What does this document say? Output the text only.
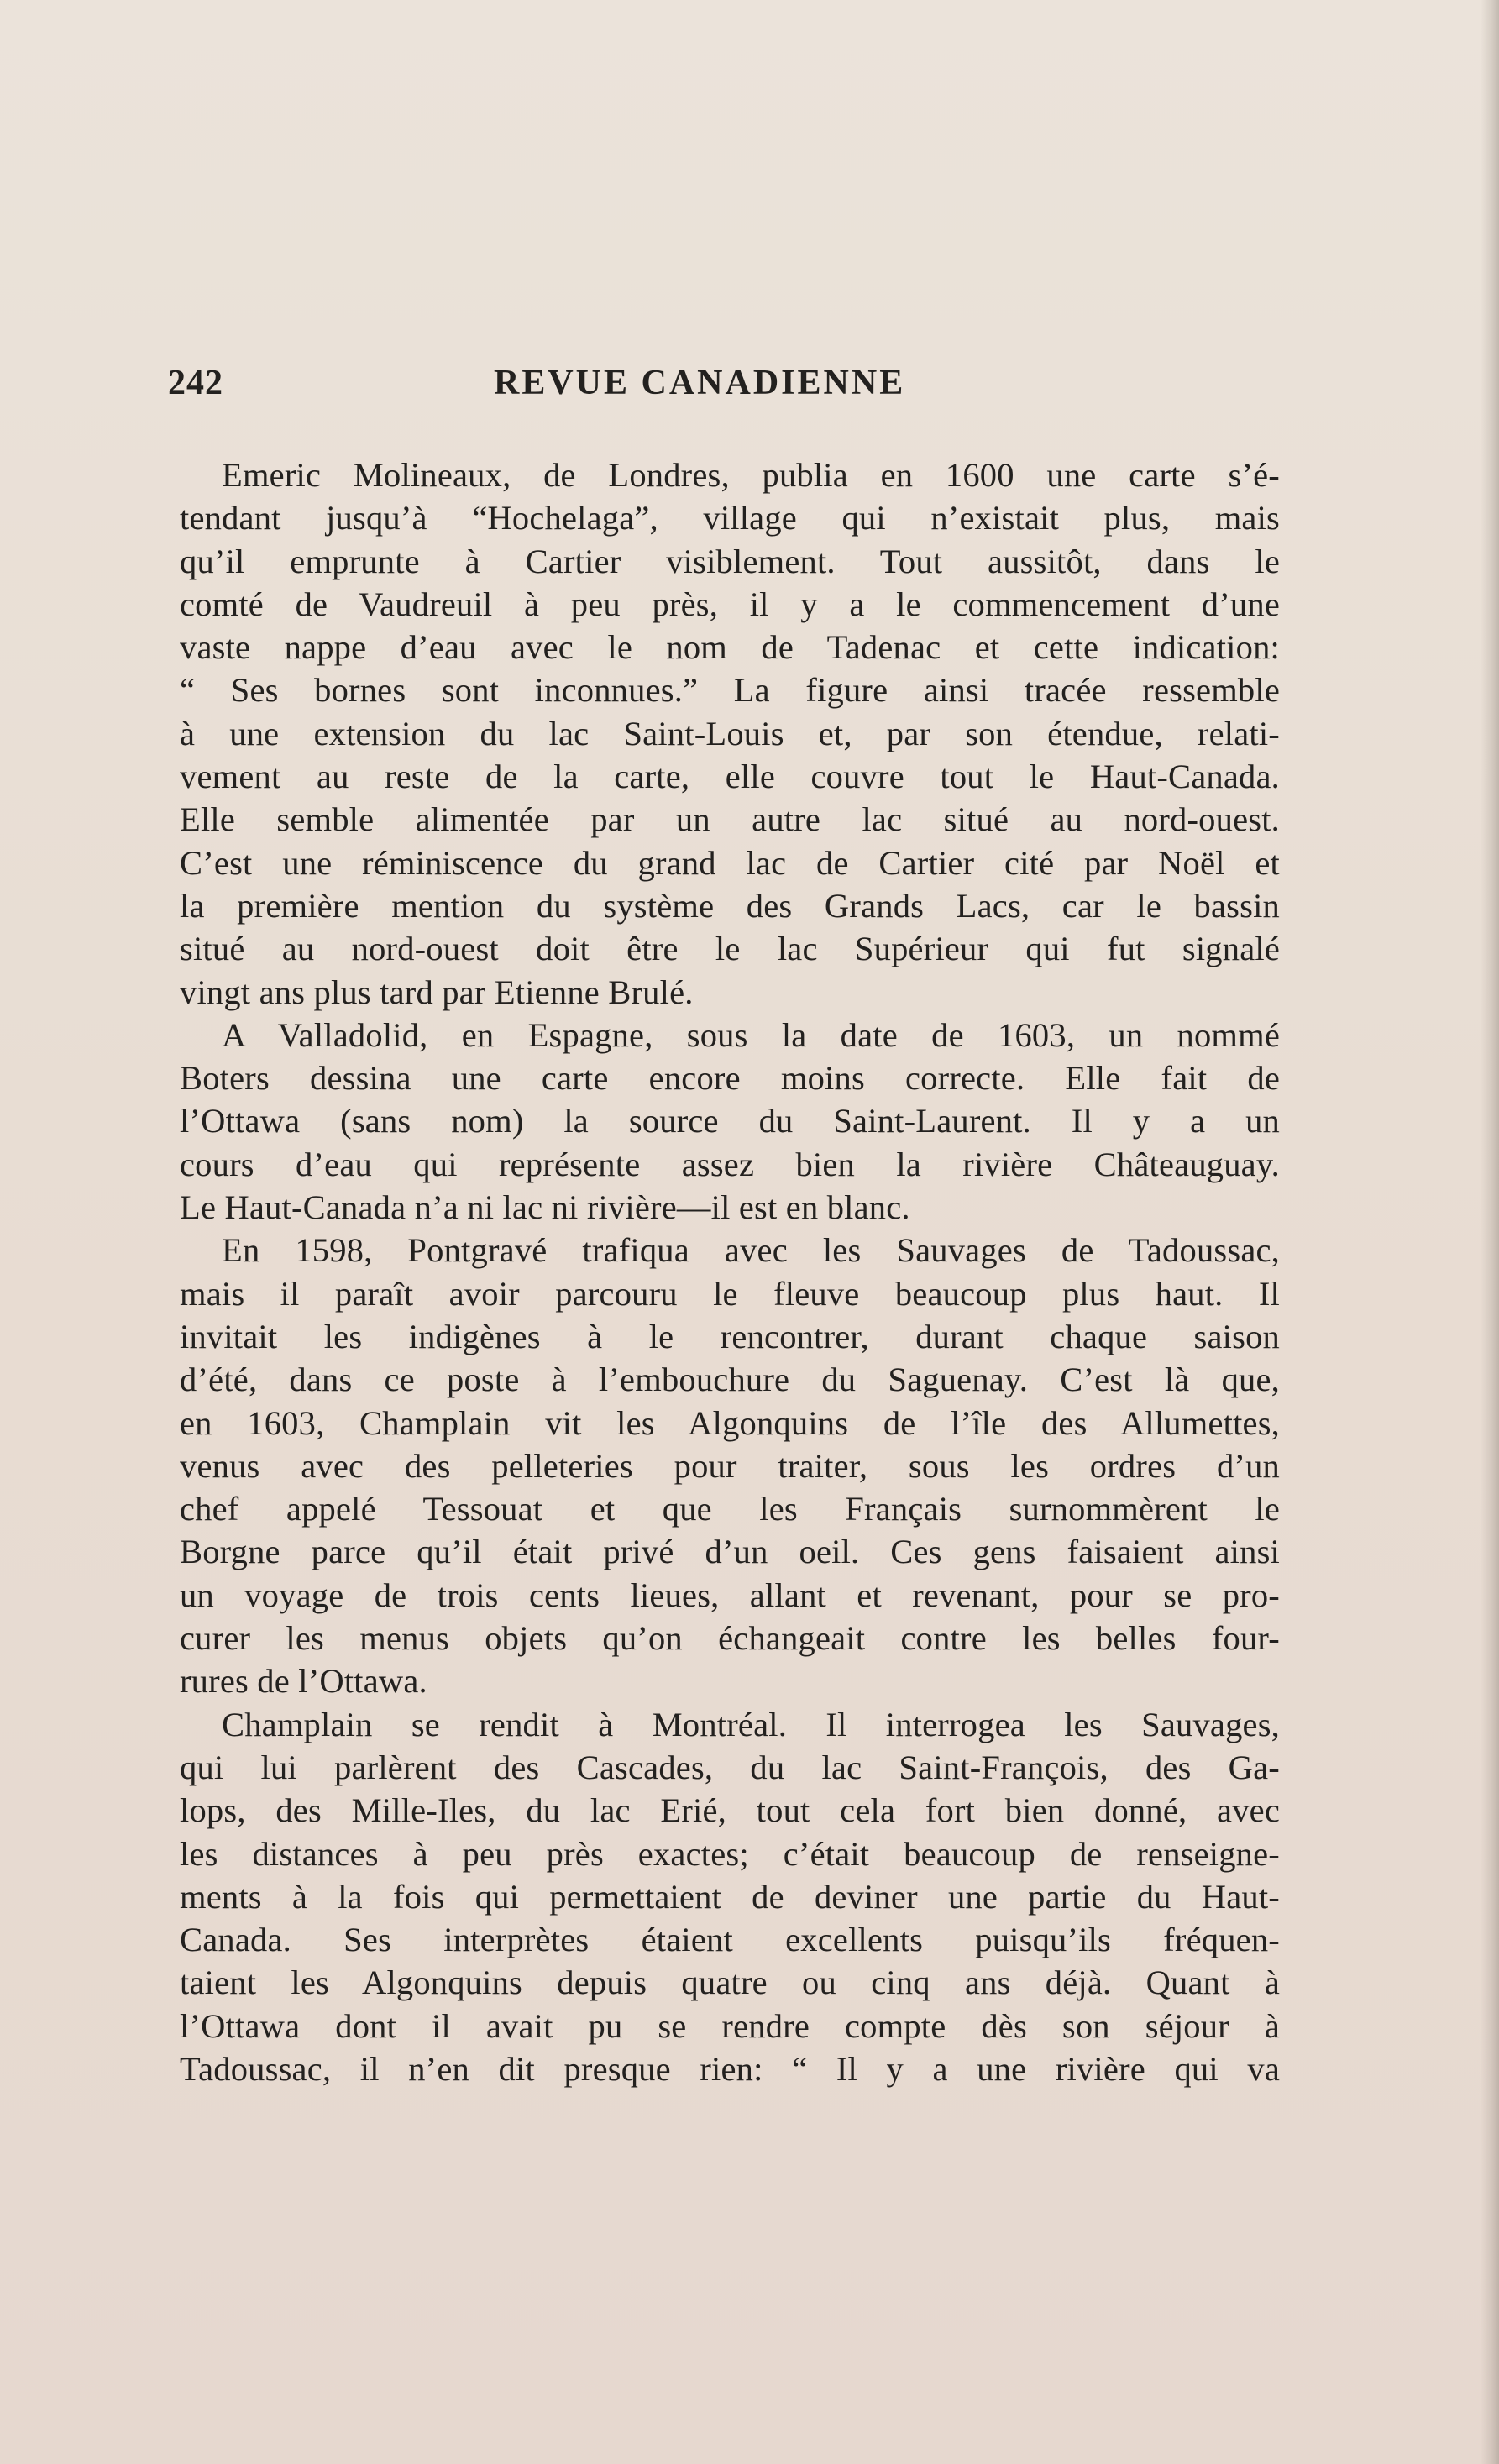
242	REVUE CANADIENNE
Emeric Molineaux, de Londres, publia en 1600 une carte s’é-
tendant jusqu’à “Hochelaga”, village qui n’existait plus, mais
qu’il emprunte à Cartier visiblement. Tout aussitôt, dans le
comté de Vaudreuil à peu près, il y a le commencement d’une
vaste nappe d’eau avec le nom de Tadenac et cette indication:
“ Ses bornes sont inconnues.” La figure ainsi tracée ressemble
à une extension du lac Saint-Louis et, par son étendue, relati-
vement au reste de la carte, elle couvre tout le Haut-Canada.
Elle semble alimentée par un autre lac situé au nord-ouest.
C’est une réminiscence du grand lac de Cartier cité par Noël et
la première mention du système des Grands Lacs, car le bassin
situé au nord-ouest doit être le lac Supérieur qui fut signalé
vingt ans plus tard par Etienne Brulé.
A Valladolid, en Espagne, sous la date de 1603, un nommé
Boters dessina une carte encore moins correcte. Elle fait de
l’Ottawa (sans nom) la source du Saint-Laurent. Il y a un
cours d’eau qui représente assez bien la rivière Châteauguay.
Le Haut-Canada n’a ni lac ni rivière—il est en blanc.
En 1598, Pontgravé trafiqua avec les Sauvages de Tadoussac,
mais il paraît avoir parcouru le fleuve beaucoup plus haut. Il
invitait les indigènes à le rencontrer, durant chaque saison
d’été, dans ce poste à l’embouchure du Saguenay. C’est là que,
en 1603, Champlain vit les Algonquins de l’île des Allumettes,
venus avec des pelleteries pour traiter, sous les ordres d’un
chef appelé Tessouat et que les Français surnommèrent le
Borgne parce qu’il était privé d’un oeil. Ces gens faisaient ainsi
un voyage de trois cents lieues, allant et revenant, pour se pro-
curer les menus objets qu’on échangeait contre les belles four-
rures de l’Ottawa.
Champlain se rendit à Montréal. Il interrogea les Sauvages,
qui lui parlèrent des Cascades, du lac Saint-François, des Ga-
lops, des Mille-Iles, du lac Erié, tout cela fort bien donné, avec
les distances à peu près exactes; c’était beaucoup de renseigne-
ments à la fois qui permettaient de deviner une partie du Haut-
Canada. Ses interprètes étaient excellents puisqu’ils fréquen-
taient les Algonquins depuis quatre ou cinq ans déjà. Quant à
l’Ottawa dont il avait pu se rendre compte dès son séjour à
Tadoussac, il n’en dit presque rien: “ Il y a une rivière qui va
